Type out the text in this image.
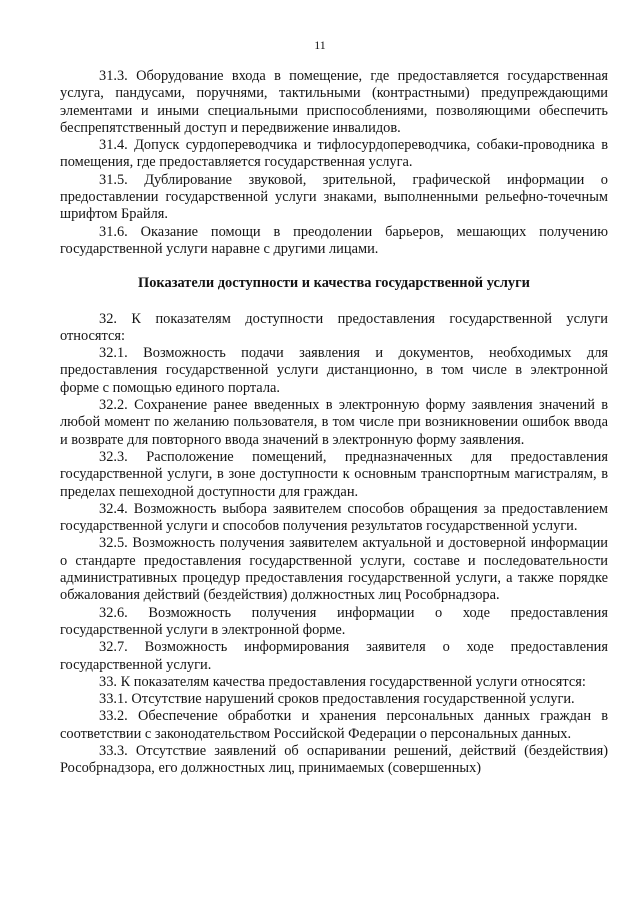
11

31.3. Оборудование входа в помещение, где предоставляется государственная услуга, пандусами, поручнями, тактильными (контрастными) предупреждающими элементами и иными специальными приспособлениями, позволяющими обеспечить беспрепятственный доступ и передвижение инвалидов.

31.4. Допуск сурдопереводчика и тифлосурдопереводчика, собаки-проводника в помещения, где предоставляется государственная услуга.

31.5. Дублирование звуковой, зрительной, графической информации о предоставлении государственной услуги знаками, выполненными рельефно-точечным шрифтом Брайля.

31.6. Оказание помощи в преодолении барьеров, мешающих получению государственной услуги наравне с другими лицами.

Показатели доступности и качества государственной услуги

32. К показателям доступности предоставления государственной услуги относятся:

32.1. Возможность подачи заявления и документов, необходимых для предоставления государственной услуги дистанционно, в том числе в электронной форме с помощью единого портала.

32.2. Сохранение ранее введенных в электронную форму заявления значений в любой момент по желанию пользователя, в том числе при возникновении ошибок ввода и возврате для повторного ввода значений в электронную форму заявления.

32.3. Расположение помещений, предназначенных для предоставления государственной услуги, в зоне доступности к основным транспортным магистралям, в пределах пешеходной доступности для граждан.

32.4. Возможность выбора заявителем способов обращения за предоставлением государственной услуги и способов получения результатов государственной услуги.

32.5. Возможность получения заявителем актуальной и достоверной информации о стандарте предоставления государственной услуги, составе и последовательности административных процедур предоставления государственной услуги, а также порядке обжалования действий (бездействия) должностных лиц Рособрнадзора.

32.6. Возможность получения информации о ходе предоставления государственной услуги в электронной форме.

32.7. Возможность информирования заявителя о ходе предоставления государственной услуги.

33. К показателям качества предоставления государственной услуги относятся:

33.1. Отсутствие нарушений сроков предоставления государственной услуги.

33.2. Обеспечение обработки и хранения персональных данных граждан в соответствии с законодательством Российской Федерации о персональных данных.

33.3. Отсутствие заявлений об оспаривании решений, действий (бездействия) Рособрнадзора, его должностных лиц, принимаемых (совершенных)
